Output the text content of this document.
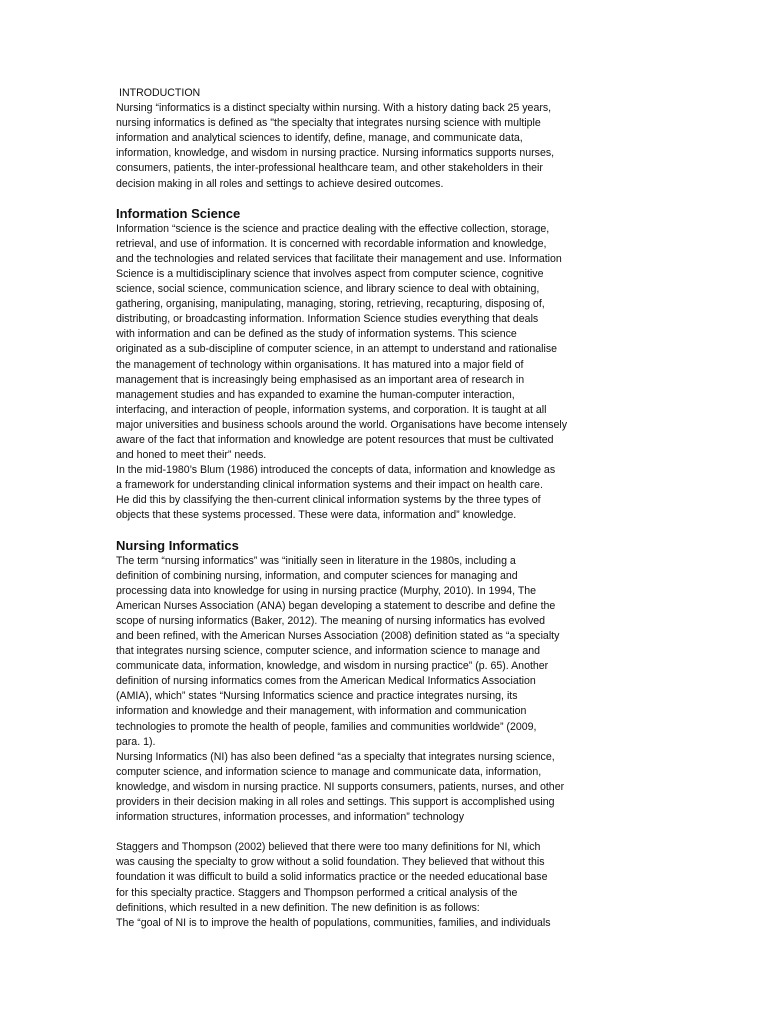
INTRODUCTION
Nursing “informatics is a distinct specialty within nursing. With a history dating back 25 years,
nursing informatics is defined as "the specialty that integrates nursing science with multiple
information and analytical sciences to identify, define, manage, and communicate data,
information, knowledge, and wisdom in nursing practice. Nursing informatics supports nurses,
consumers, patients, the inter-professional healthcare team, and other stakeholders in their
decision making in all roles and settings to achieve desired outcomes.
Information Science
Information “science is the science and practice dealing with the effective collection, storage,
retrieval, and use of information. It is concerned with recordable information and knowledge,
and the technologies and related services that facilitate their management and use. Information
Science is a multidisciplinary science that involves aspect from computer science, cognitive
science, social science, communication science, and library science to deal with obtaining,
gathering, organising, manipulating, managing, storing, retrieving, recapturing, disposing of,
distributing, or broadcasting information. Information Science studies everything that deals
with information and can be defined as the study of information systems. This science
originated as a sub-discipline of computer science, in an attempt to understand and rationalise
the management of technology within organisations. It has matured into a major field of
management that is increasingly being emphasised as an important area of research in
management studies and has expanded to examine the human-computer interaction,
interfacing, and interaction of people, information systems, and corporation. It is taught at all
major universities and business schools around the world. Organisations have become intensely
aware of the fact that information and knowledge are potent resources that must be cultivated
and honed to meet their” needs.
In the mid-1980’s Blum (1986) introduced the concepts of data, information and knowledge as
a framework for understanding clinical information systems and their impact on health care.
He did this by classifying the then-current clinical information systems by the three types of
objects that these systems processed. These were data, information and” knowledge.
Nursing Informatics
The term “nursing informatics” was “initially seen in literature in the 1980s, including a
definition of combining nursing, information, and computer sciences for managing and
processing data into knowledge for using in nursing practice (Murphy, 2010). In 1994, The
American Nurses Association (ANA) began developing a statement to describe and define the
scope of nursing informatics (Baker, 2012). The meaning of nursing informatics has evolved
and been refined, with the American Nurses Association (2008) definition stated as “a specialty
that integrates nursing science, computer science, and information science to manage and
communicate data, information, knowledge, and wisdom in nursing practice” (p. 65). Another
definition of nursing informatics comes from the American Medical Informatics Association
(AMIA), which” states “Nursing Informatics science and practice integrates nursing, its
information and knowledge and their management, with information and communication
technologies to promote the health of people, families and communities worldwide” (2009,
para. 1).
Nursing Informatics (NI) has also been defined “as a specialty that integrates nursing science,
computer science, and information science to manage and communicate data, information,
knowledge, and wisdom in nursing practice. NI supports consumers, patients, nurses, and other
providers in their decision making in all roles and settings. This support is accomplished using
information structures, information processes, and information” technology
Staggers and Thompson (2002) believed that there were too many definitions for NI, which
was causing the specialty to grow without a solid foundation. They believed that without this
foundation it was difficult to build a solid informatics practice or the needed educational base
for this specialty practice. Staggers and Thompson performed a critical analysis of the
definitions, which resulted in a new definition. The new definition is as follows:
The “goal of NI is to improve the health of populations, communities, families, and individuals
